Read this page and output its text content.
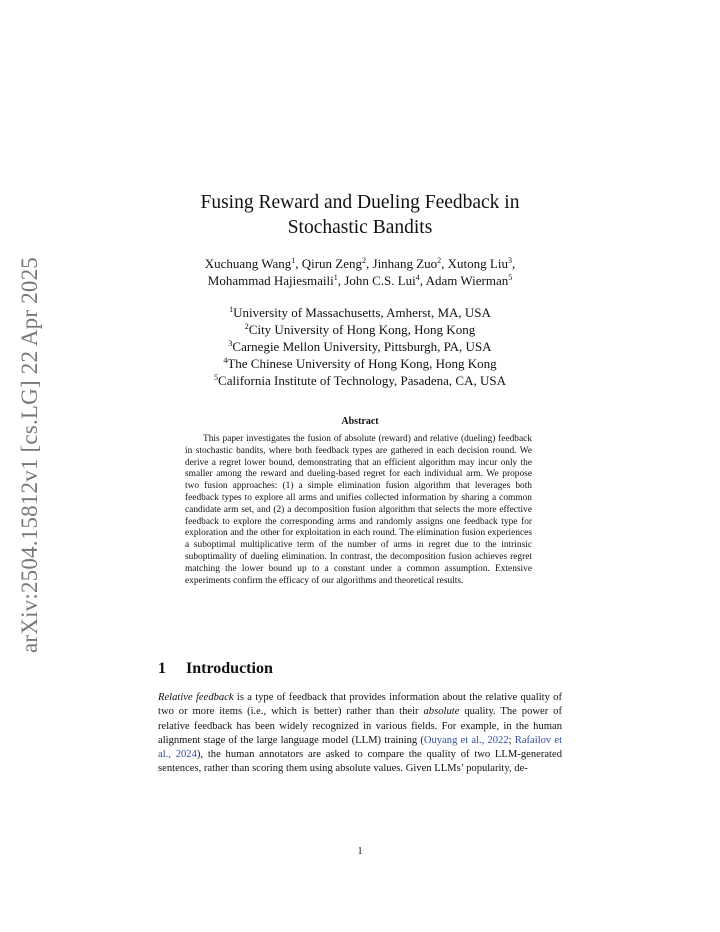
arXiv:2504.15812v1 [cs.LG] 22 Apr 2025
Fusing Reward and Dueling Feedback in
Stochastic Bandits
Xuchuang Wang$^1$, Qirun Zeng$^2$, Jinhang Zuo$^2$, Xutong Liu$^3$,
Mohammad Hajiesmaili$^1$, John C.S. Lui$^4$, Adam Wierman$^5$
$^1$University of Massachusetts, Amherst, MA, USA
$^2$City University of Hong Kong, Hong Kong
$^3$Carnegie Mellon University, Pittsburgh, PA, USA
$^4$The Chinese University of Hong Kong, Hong Kong
$^5$California Institute of Technology, Pasadena, CA, USA
Abstract
This paper investigates the fusion of absolute (reward) and relative (dueling) feedback in stochastic bandits, where both feedback types are gathered in each decision round. We derive a regret lower bound, demonstrating that an efficient algorithm may incur only the smaller among the reward and dueling-based regret for each individual arm. We propose two fusion approaches: (1) a simple elimination fusion algorithm that leverages both feedback types to explore all arms and unifies collected information by sharing a common candidate arm set, and (2) a decomposition fusion algorithm that selects the more effective feedback to explore the corresponding arms and randomly assigns one feedback type for exploration and the other for exploitation in each round. The elimination fusion experiences a suboptimal multiplicative term of the number of arms in regret due to the intrinsic suboptimality of dueling elimination. In contrast, the decomposition fusion achieves regret matching the lower bound up to a constant under a common assumption. Extensive experiments confirm the efficacy of our algorithms and theoretical results.
1 Introduction
Relative feedback is a type of feedback that provides information about the relative quality of two or more items (i.e., which is better) rather than their absolute quality. The power of relative feedback has been widely recognized in various fields. For example, in the human alignment stage of the large language model (LLM) training (Ouyang et al., 2022; Rafailov et al., 2024), the human annotators are asked to compare the quality of two LLM-generated sentences, rather than scoring them using absolute values. Given LLMs’ popularity, de-
1
